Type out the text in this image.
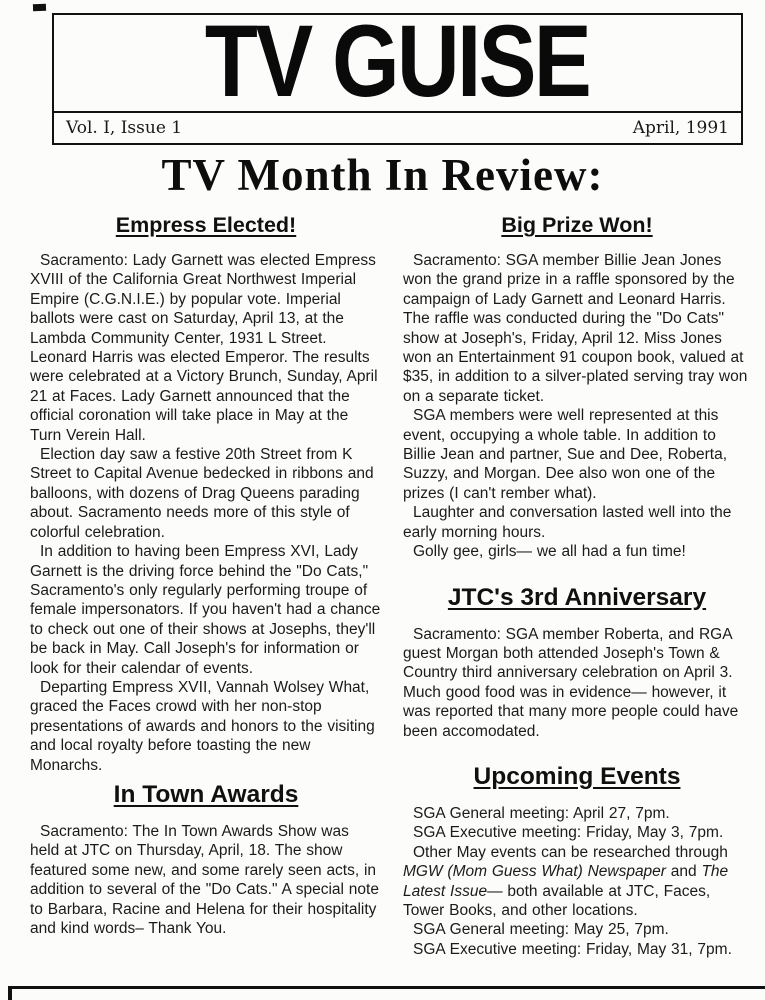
TV GUISE
Vol. I, Issue 1	April, 1991
TV Month In Review:
Empress Elected!

Sacramento: Lady Garnett was elected Empress XVIII of the California Great Northwest Imperial Empire (C.G.N.I.E.) by popular vote. Imperial ballots were cast on Saturday, April 13, at the Lambda Community Center, 1931 L Street. Leonard Harris was elected Emperor. The results were celebrated at a Victory Brunch, Sunday, April 21 at Faces. Lady Garnett announced that the official coronation will take place in May at the Turn Verein Hall.

Election day saw a festive 20th Street from K Street to Capital Avenue bedecked in ribbons and balloons, with dozens of Drag Queens parading about. Sacramento needs more of this style of colorful celebration.

In addition to having been Empress XVI, Lady Garnett is the driving force behind the "Do Cats," Sacramento's only regularly performing troupe of female impersonators. If you haven't had a chance to check out one of their shows at Josephs, they'll be back in May. Call Joseph's for information or look for their calendar of events.

Departing Empress XVII, Vannah Wolsey What, graced the Faces crowd with her non-stop presentations of awards and honors to the visiting and local royalty before toasting the new Monarchs.

In Town Awards

Sacramento: The In Town Awards Show was held at JTC on Thursday, April, 18. The show featured some new, and some rarely seen acts, in addition to several of the "Do Cats." A special note to Barbara, Racine and Helena for their hospitality and kind words– Thank You.

Big Prize Won!

Sacramento: SGA member Billie Jean Jones won the grand prize in a raffle sponsored by the campaign of Lady Garnett and Leonard Harris. The raffle was conducted during the "Do Cats" show at Joseph's, Friday, April 12. Miss Jones won an Entertainment 91 coupon book, valued at $35, in addition to a silver-plated serving tray won on a separate ticket.

SGA members were well represented at this event, occupying a whole table. In addition to Billie Jean and partner, Sue and Dee, Roberta, Suzzy, and Morgan. Dee also won one of the prizes (I can't rember what).

Laughter and conversation lasted well into the early morning hours.

Golly gee, girls— we all had a fun time!

JTC's 3rd Anniversary

Sacramento: SGA member Roberta, and RGA guest Morgan both attended Joseph's Town & Country third anniversary celebration on April 3. Much good food was in evidence— however, it was reported that many more people could have been accomodated.

Upcoming Events

SGA General meeting: April 27, 7pm.

SGA Executive meeting: Friday, May 3, 7pm.

Other May events can be researched through MGW (Mom Guess What) Newspaper and The Latest Issue— both available at JTC, Faces, Tower Books, and other locations.

SGA General meeting: May 25, 7pm.

SGA Executive meeting: Friday, May 31, 7pm.
